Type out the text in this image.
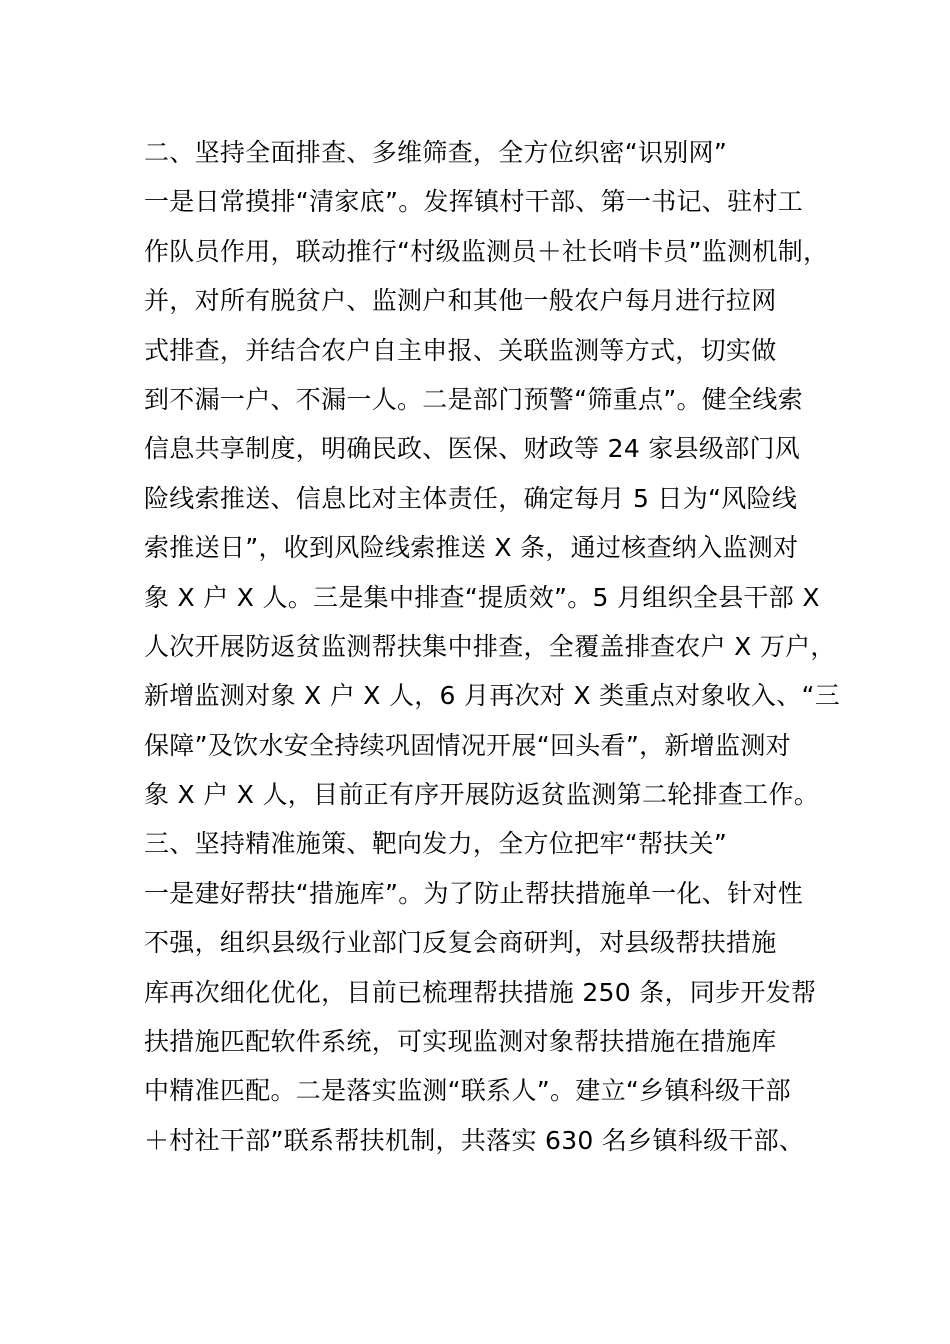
二、坚持全面排查、多维筛查，全方位织密“识别网”
一是日常摸排“清家底”。发挥镇村干部、第一书记、驻村工
作队员作用，联动推行“村级监测员＋社长哨卡员”监测机制，
并，对所有脱贫户、监测户和其他一般农户每月进行拉网
式排查，并结合农户自主申报、关联监测等方式，切实做
到不漏一户、不漏一人。二是部门预警“筛重点”。健全线索
信息共享制度，明确民政、医保、财政等 24 家县级部门风
险线索推送、信息比对主体责任，确定每月 5 日为“风险线
索推送日”，收到风险线索推送 X 条，通过核查纳入监测对
象 X 户 X 人。三是集中排查“提质效”。5 月组织全县干部 X
人次开展防返贫监测帮扶集中排查，全覆盖排查农户 X 万户，
新增监测对象 X 户 X 人，6 月再次对 X 类重点对象收入、“三
保障”及饮水安全持续巩固情况开展“回头看”，新增监测对
象 X 户 X 人，目前正有序开展防返贫监测第二轮排查工作。
三、坚持精准施策、靶向发力，全方位把牢“帮扶关”
一是建好帮扶“措施库”。为了防止帮扶措施单一化、针对性
不强，组织县级行业部门反复会商研判，对县级帮扶措施
库再次细化优化，目前已梳理帮扶措施 250 条，同步开发帮
扶措施匹配软件系统，可实现监测对象帮扶措施在措施库
中精准匹配。二是落实监测“联系人”。建立“乡镇科级干部
＋村社干部”联系帮扶机制，共落实 630 名乡镇科级干部、
